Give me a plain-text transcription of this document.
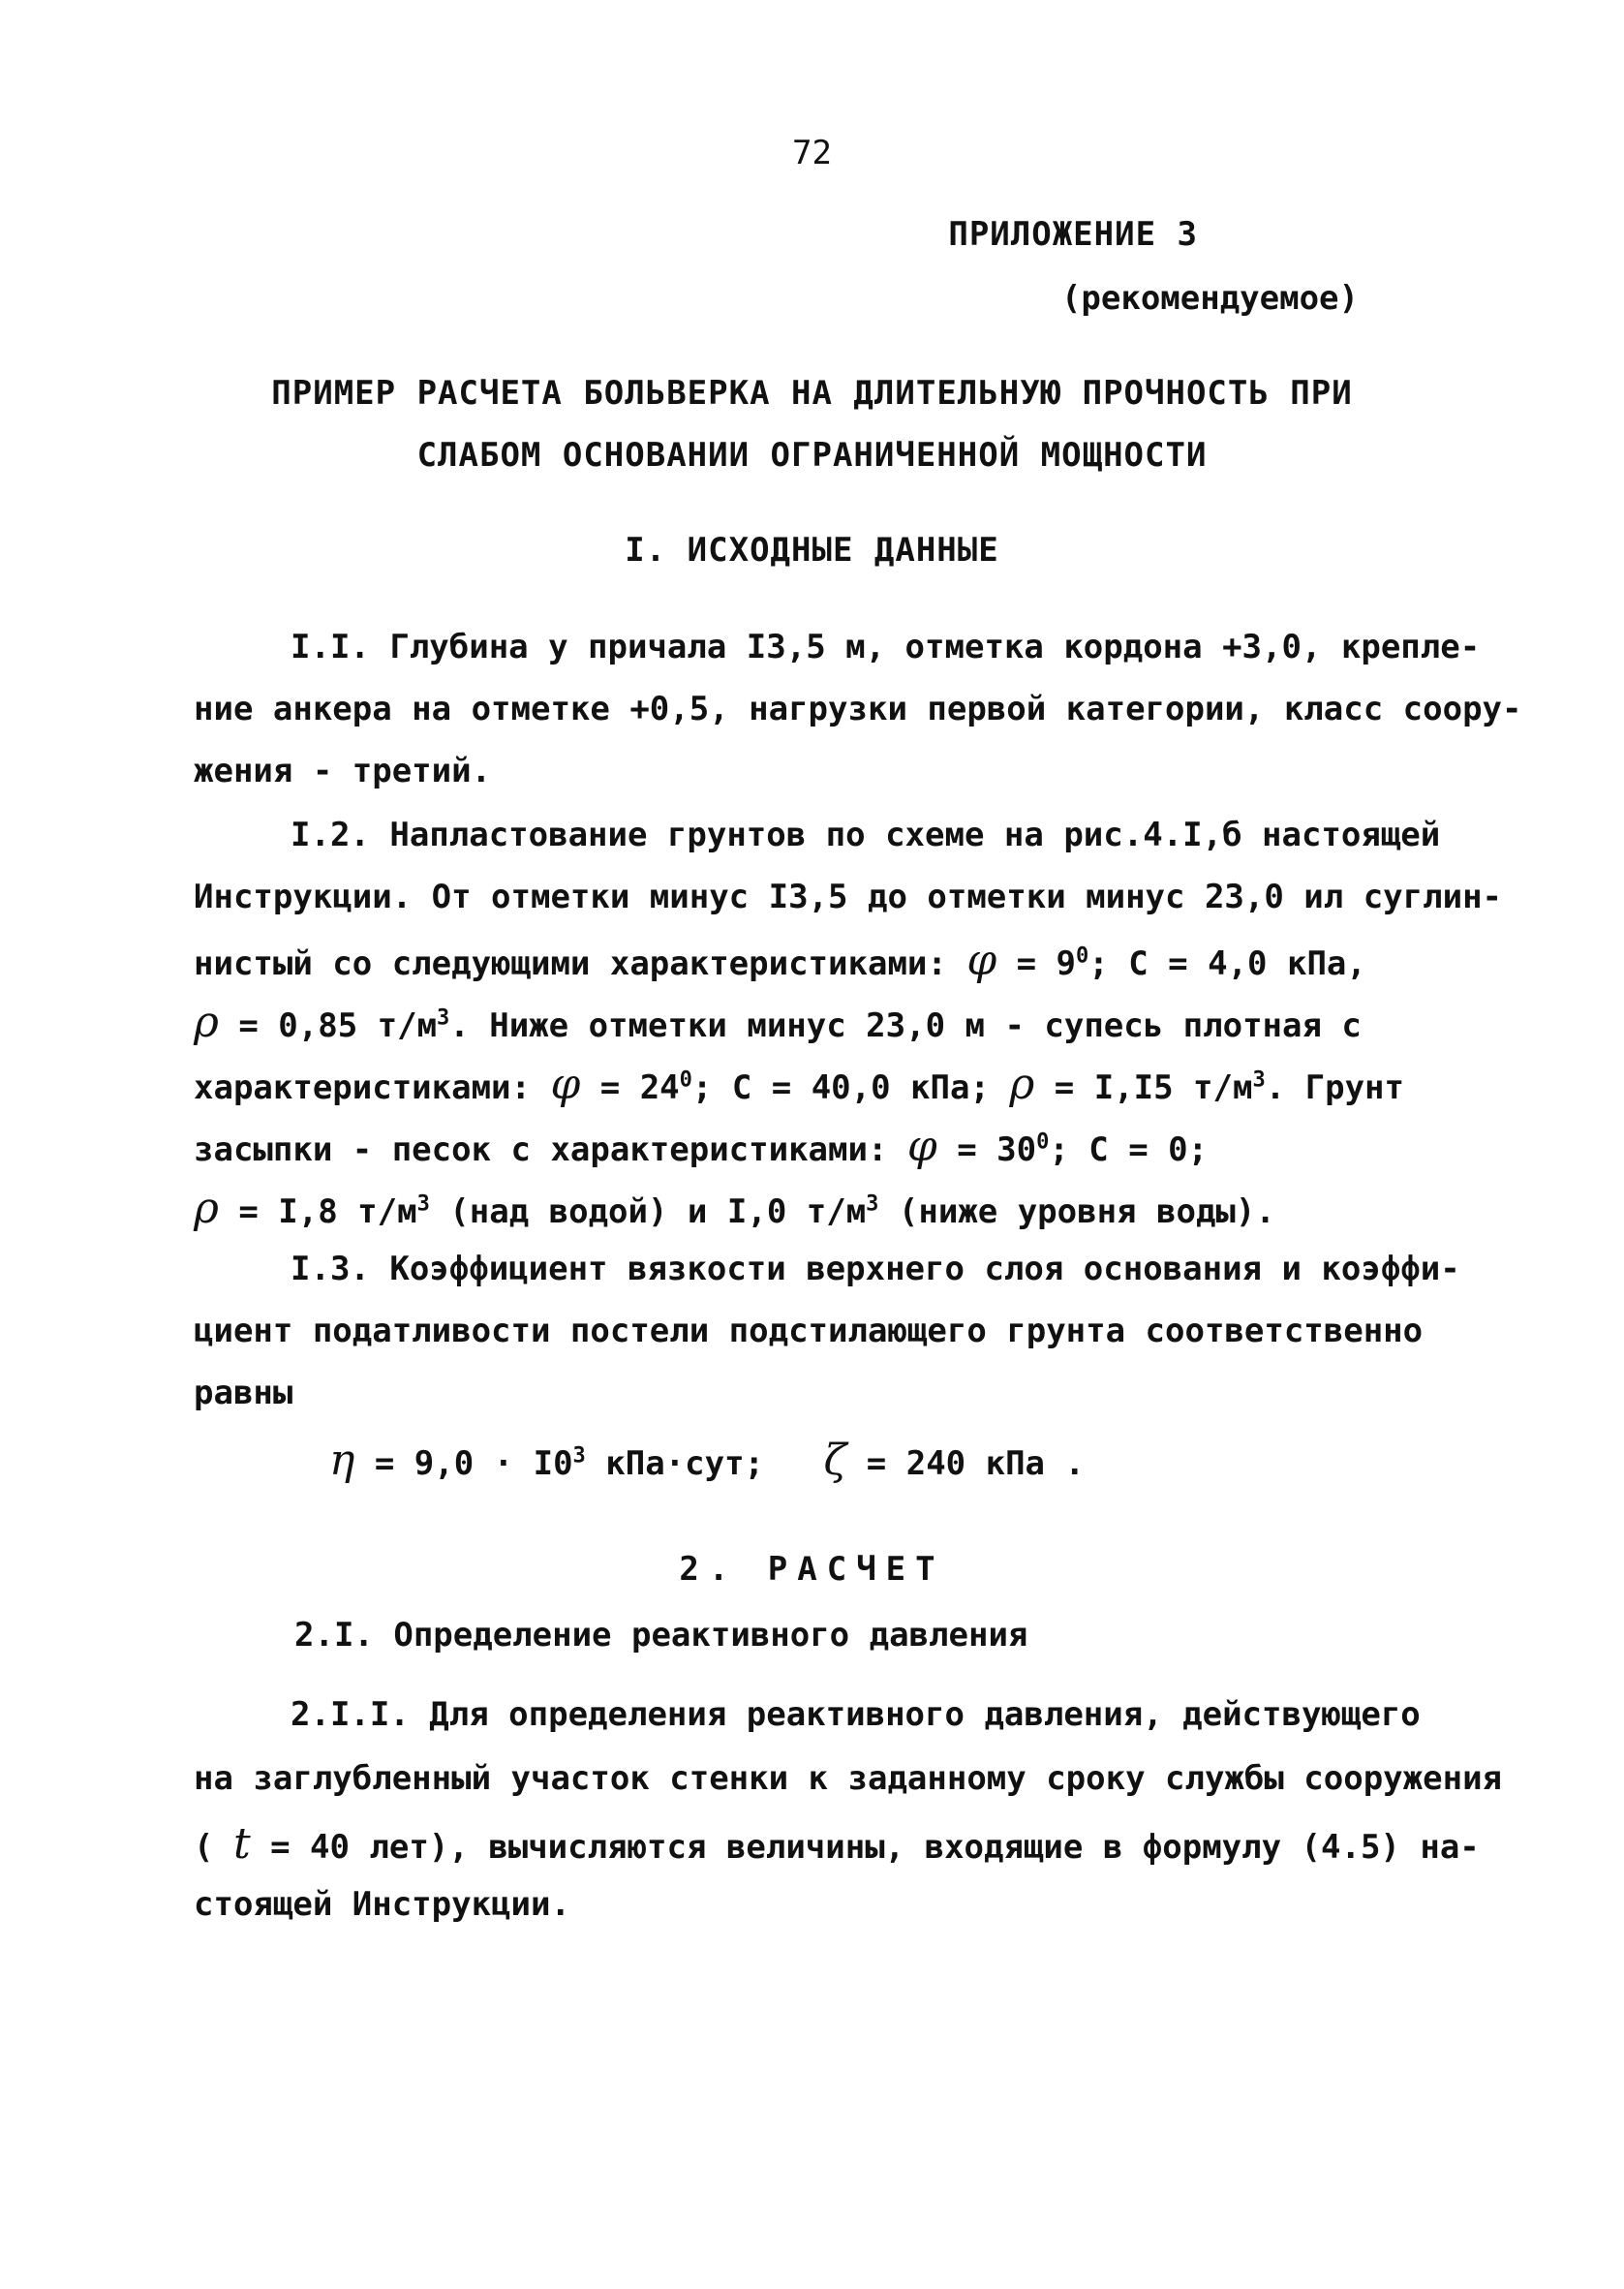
72
ПРИЛОЖЕНИЕ 3
(рекомендуемое)
ПРИМЕР РАСЧЕТА БОЛЬВЕРКА НА ДЛИТЕЛЬНУЮ ПРОЧНОСТЬ ПРИ
СЛАБОМ ОСНОВАНИИ ОГРАНИЧЕННОЙ МОЩНОСТИ
I. ИСХОДНЫЕ ДАННЫЕ
I.I. Глубина у причала I3,5 м, отметка кордона +3,0, крепле-
ние анкера на отметке +0,5, нагрузки первой категории, класс соору-
жения - третий.
I.2. Напластование грунтов по схеме на рис.4.I,б настоящей
Инструкции. От отметки минус I3,5 до отметки минус 23,0 ил суглин-
нистый со следующими характеристиками: $\varphi = 9^0$; С = 4,0 кПа,
ρ = 0,85 $т/м^3$. Ниже отметки минус 23,0 м - супесь плотная с
характеристиками: $\varphi = 24^0$; С = 40,0 кПа; ρ = I,I5 $т/м^3$. Грунт
засыпки - песок с характеристиками: $\varphi = 30^0$; С = 0;
ρ = I,8 $т/м^3$ (над водой) и I,0 $т/м^3$ (ниже уровня воды).
I.3. Коэффициент вязкости верхнего слоя основания и коэффи-
циент податливости постели подстилающего грунта соответственно
равны
$\eta = 9,0 \cdot I0^3$ кПа·сут; ζ = 240 кПа .
2. РАСЧЕТ
2.I. Определение реактивного давления
2.I.I. Для определения реактивного давления, действующего
на заглубленный участок стенки к заданному сроку службы сооружения
( t = 40 лет), вычисляются величины, входящие в формулу (4.5) на-
стоящей Инструкции.
